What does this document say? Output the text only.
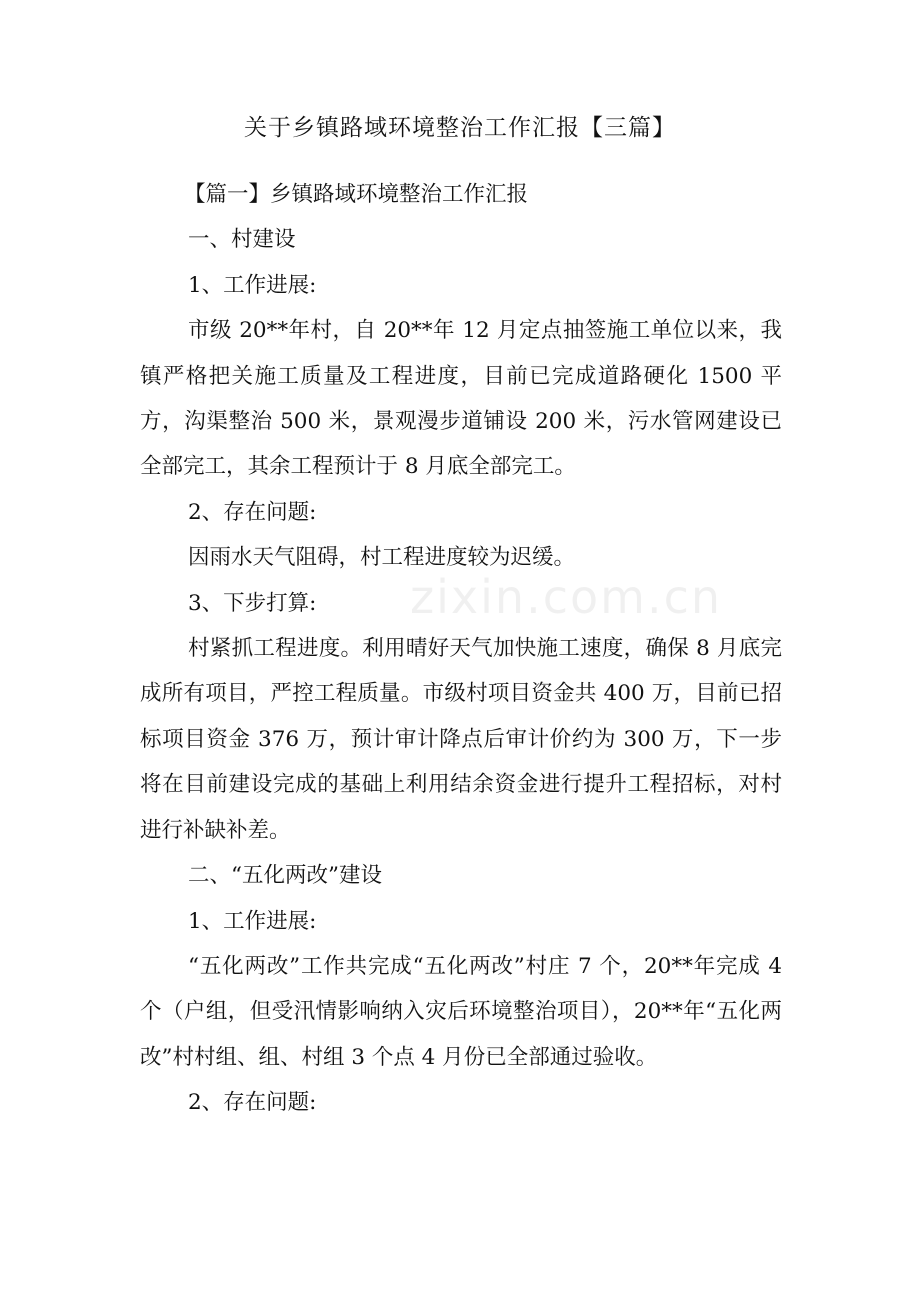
关于乡镇路域环境整治工作汇报【三篇】

【篇一】乡镇路域环境整治工作汇报

一、村建设

1、工作进展:

市级 20**年村，自 20**年 12 月定点抽签施工单位以来，我镇严格把关施工质量及工程进度，目前已完成道路硬化 1500 平方，沟渠整治 500 米，景观漫步道铺设 200 米，污水管网建设已全部完工，其余工程预计于 8 月底全部完工。

2、存在问题:

因雨水天气阻碍，村工程进度较为迟缓。

3、下步打算:

村紧抓工程进度。利用晴好天气加快施工速度，确保 8 月底完成所有项目，严控工程质量。市级村项目资金共 400 万，目前已招标项目资金 376 万，预计审计降点后审计价约为 300 万，下一步将在目前建设完成的基础上利用结余资金进行提升工程招标，对村进行补缺补差。

二、“五化两改”建设

1、工作进展:

“五化两改”工作共完成“五化两改”村庄 7 个，20**年完成 4 个（户组，但受汛情影响纳入灾后环境整治项目），20**年“五化两改”村村组、组、村组 3 个点 4 月份已全部通过验收。

2、存在问题:

zixin.com.cn
